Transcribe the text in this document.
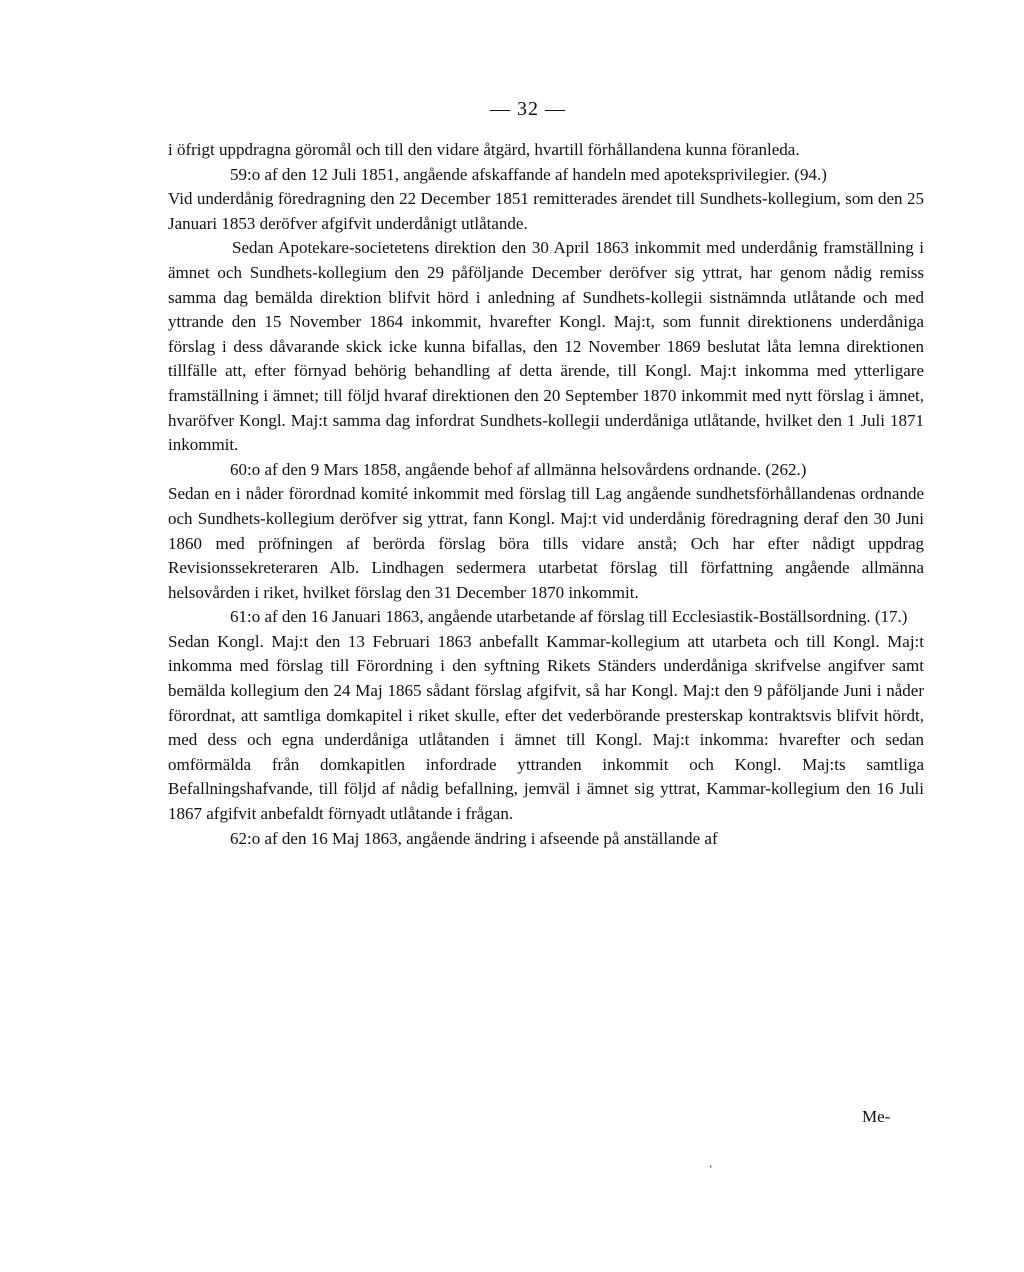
— 32 —

i öfrigt uppdragna göromål och till den vidare åtgärd, hvartill förhållandena kunna föranleda.

59:o af den 12 Juli 1851, angående afskaffande af handeln med apoteksprivilegier. (94.)

Vid underdånig föredragning den 22 December 1851 remitterades ärendet till Sundhets-kollegium, som den 25 Januari 1853 deröfver afgifvit underdånigt utlåtande.

Sedan Apotekare-societetens direktion den 30 April 1863 inkommit med underdånig framställning i ämnet och Sundhets-kollegium den 29 påföljande December deröfver sig yttrat, har genom nådig remiss samma dag bemälda direktion blifvit hörd i anledning af Sundhets-kollegii sistnämnda utlåtande och med yttrande den 15 November 1864 inkommit, hvarefter Kongl. Maj:t, som funnit direktionens underdåniga förslag i dess dåvarande skick icke kunna bifallas, den 12 November 1869 beslutat låta lemna direktionen tillfälle att, efter förnyad behörig behandling af detta ärende, till Kongl. Maj:t inkomma med ytterligare framställning i ämnet; till följd hvaraf direktionen den 20 September 1870 inkommit med nytt förslag i ämnet, hvaröfver Kongl. Maj:t samma dag infordrat Sundhets-kollegii underdåniga utlåtande, hvilket den 1 Juli 1871 inkommit.

60:o af den 9 Mars 1858, angående behof af allmänna helsovårdens ordnande. (262.)

Sedan en i nåder förordnad komité inkommit med förslag till Lag angående sundhetsförhållandenas ordnande och Sundhets-kollegium deröfver sig yttrat, fann Kongl. Maj:t vid underdånig föredragning deraf den 30 Juni 1860 med pröfningen af berörda förslag böra tills vidare anstå; Och har efter nådigt uppdrag Revisionssekreteraren Alb. Lindhagen sedermera utarbetat förslag till författning angående allmänna helsovården i riket, hvilket förslag den 31 December 1870 inkommit.

61:o af den 16 Januari 1863, angående utarbetande af förslag till Ecclesiastik-Boställsordning. (17.)

Sedan Kongl. Maj:t den 13 Februari 1863 anbefallt Kammar-kollegium att utarbeta och till Kongl. Maj:t inkomma med förslag till Förordning i den syftning Rikets Ständers underdåniga skrifvelse angifver samt bemälda kollegium den 24 Maj 1865 sådant förslag afgifvit, så har Kongl. Maj:t den 9 påföljande Juni i nåder förordnat, att samtliga domkapitel i riket skulle, efter det vederbörande presterskap kontraktsvis blifvit hördt, med dess och egna underdåniga utlåtanden i ämnet till Kongl. Maj:t inkomma: hvarefter och sedan omförmälda från domkapitlen infordrade yttranden inkommit och Kongl. Maj:ts samtliga Befallningshafvande, till följd af nådig befallning, jemväl i ämnet sig yttrat, Kammar-kollegium den 16 Juli 1867 afgifvit anbefaldt förnyadt utlåtande i frågan.

62:o af den 16 Maj 1863, angående ändring i afseende på anställande af

Me-
ʻ
